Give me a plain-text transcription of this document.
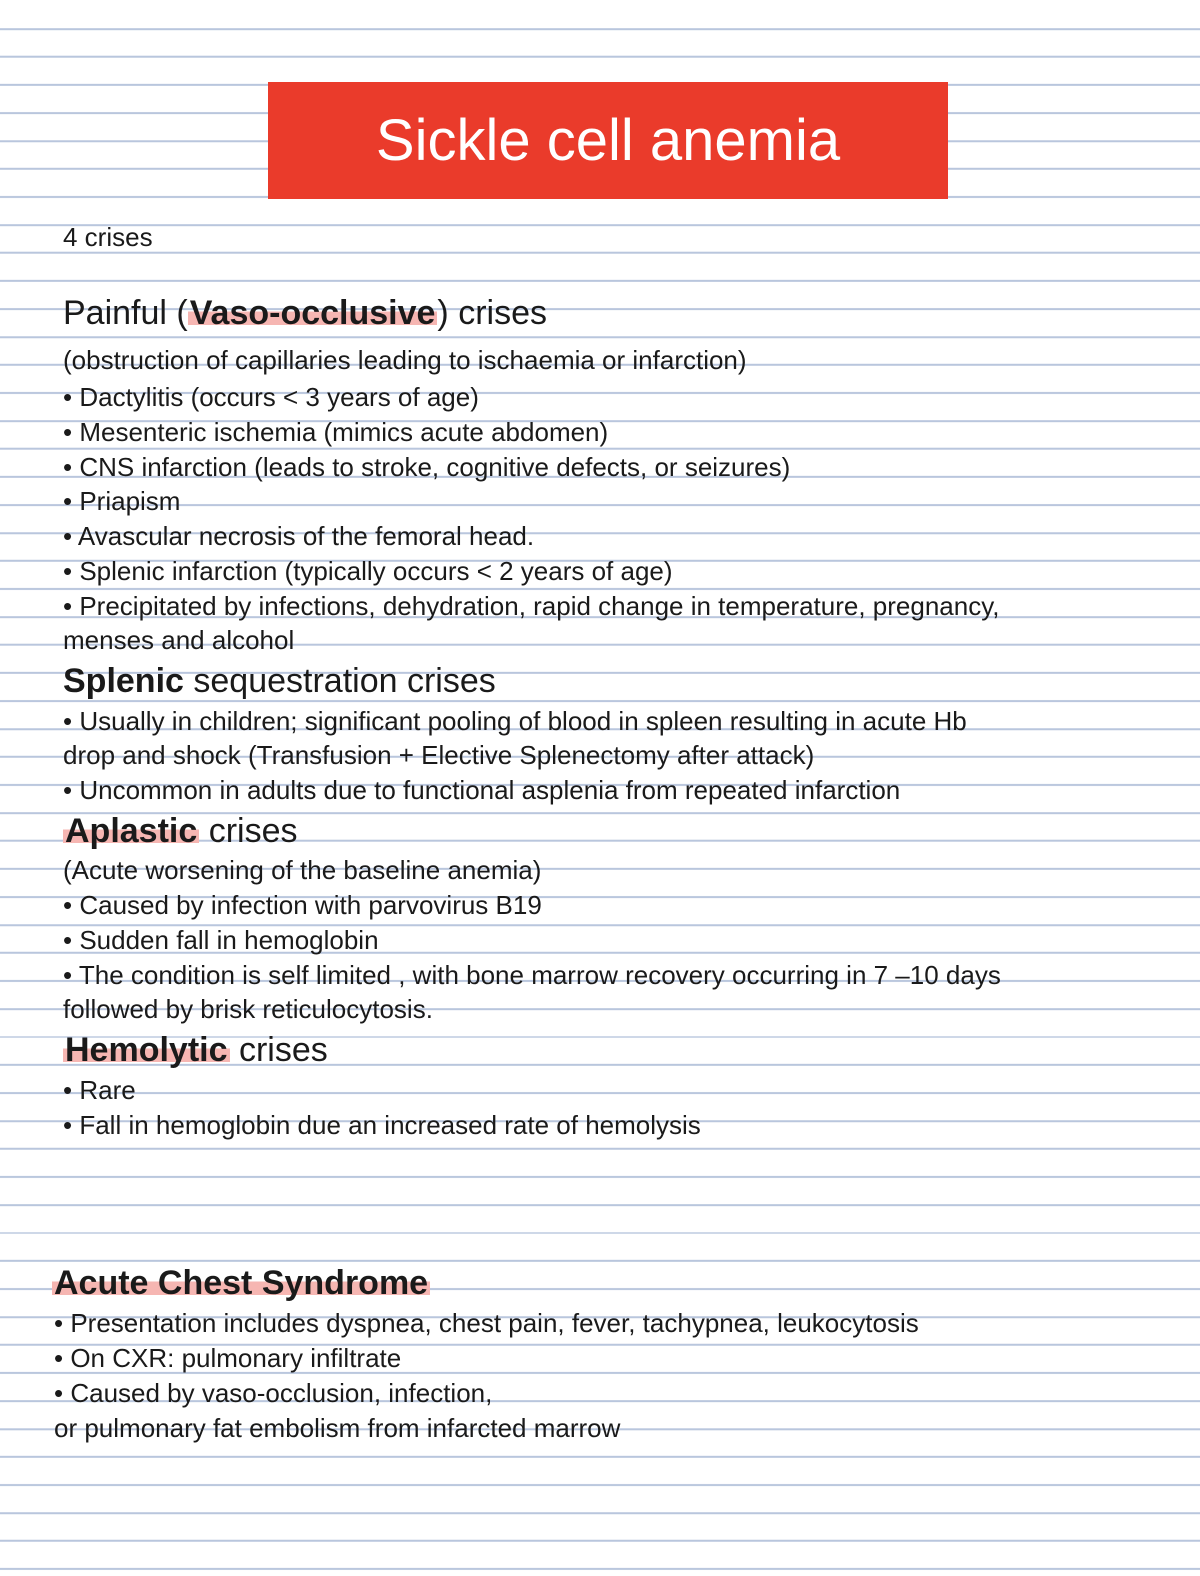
Sickle cell anemia
4 crises
Painful (Vaso-occlusive) crises
(obstruction of capillaries leading to ischaemia or infarction)
• Dactylitis (occurs < 3 years of age)
• Mesenteric ischemia (mimics acute abdomen)
• CNS infarction (leads to stroke, cognitive defects, or seizures)
• Priapism
• Avascular necrosis of the femoral head.
• Splenic infarction (typically occurs < 2 years of age)
• Precipitated by infections, dehydration, rapid change in temperature, pregnancy,
menses and alcohol
Splenic sequestration crises
• Usually in children; significant pooling of blood in spleen resulting in acute Hb
drop and shock (Transfusion + Elective Splenectomy after attack)
• Uncommon in adults due to functional asplenia from repeated infarction
Aplastic crises
(Acute worsening of the baseline anemia)
• Caused by infection with parvovirus B19
• Sudden fall in hemoglobin
• The condition is self limited , with bone marrow recovery occurring in 7 –10 days
followed by brisk reticulocytosis.
Hemolytic crises
• Rare
• Fall in hemoglobin due an increased rate of hemolysis
Acute Chest Syndrome
• Presentation includes dyspnea, chest pain, fever, tachypnea, leukocytosis
• On CXR: pulmonary infiltrate
• Caused by vaso-occlusion, infection,
or pulmonary fat embolism from infarcted marrow
